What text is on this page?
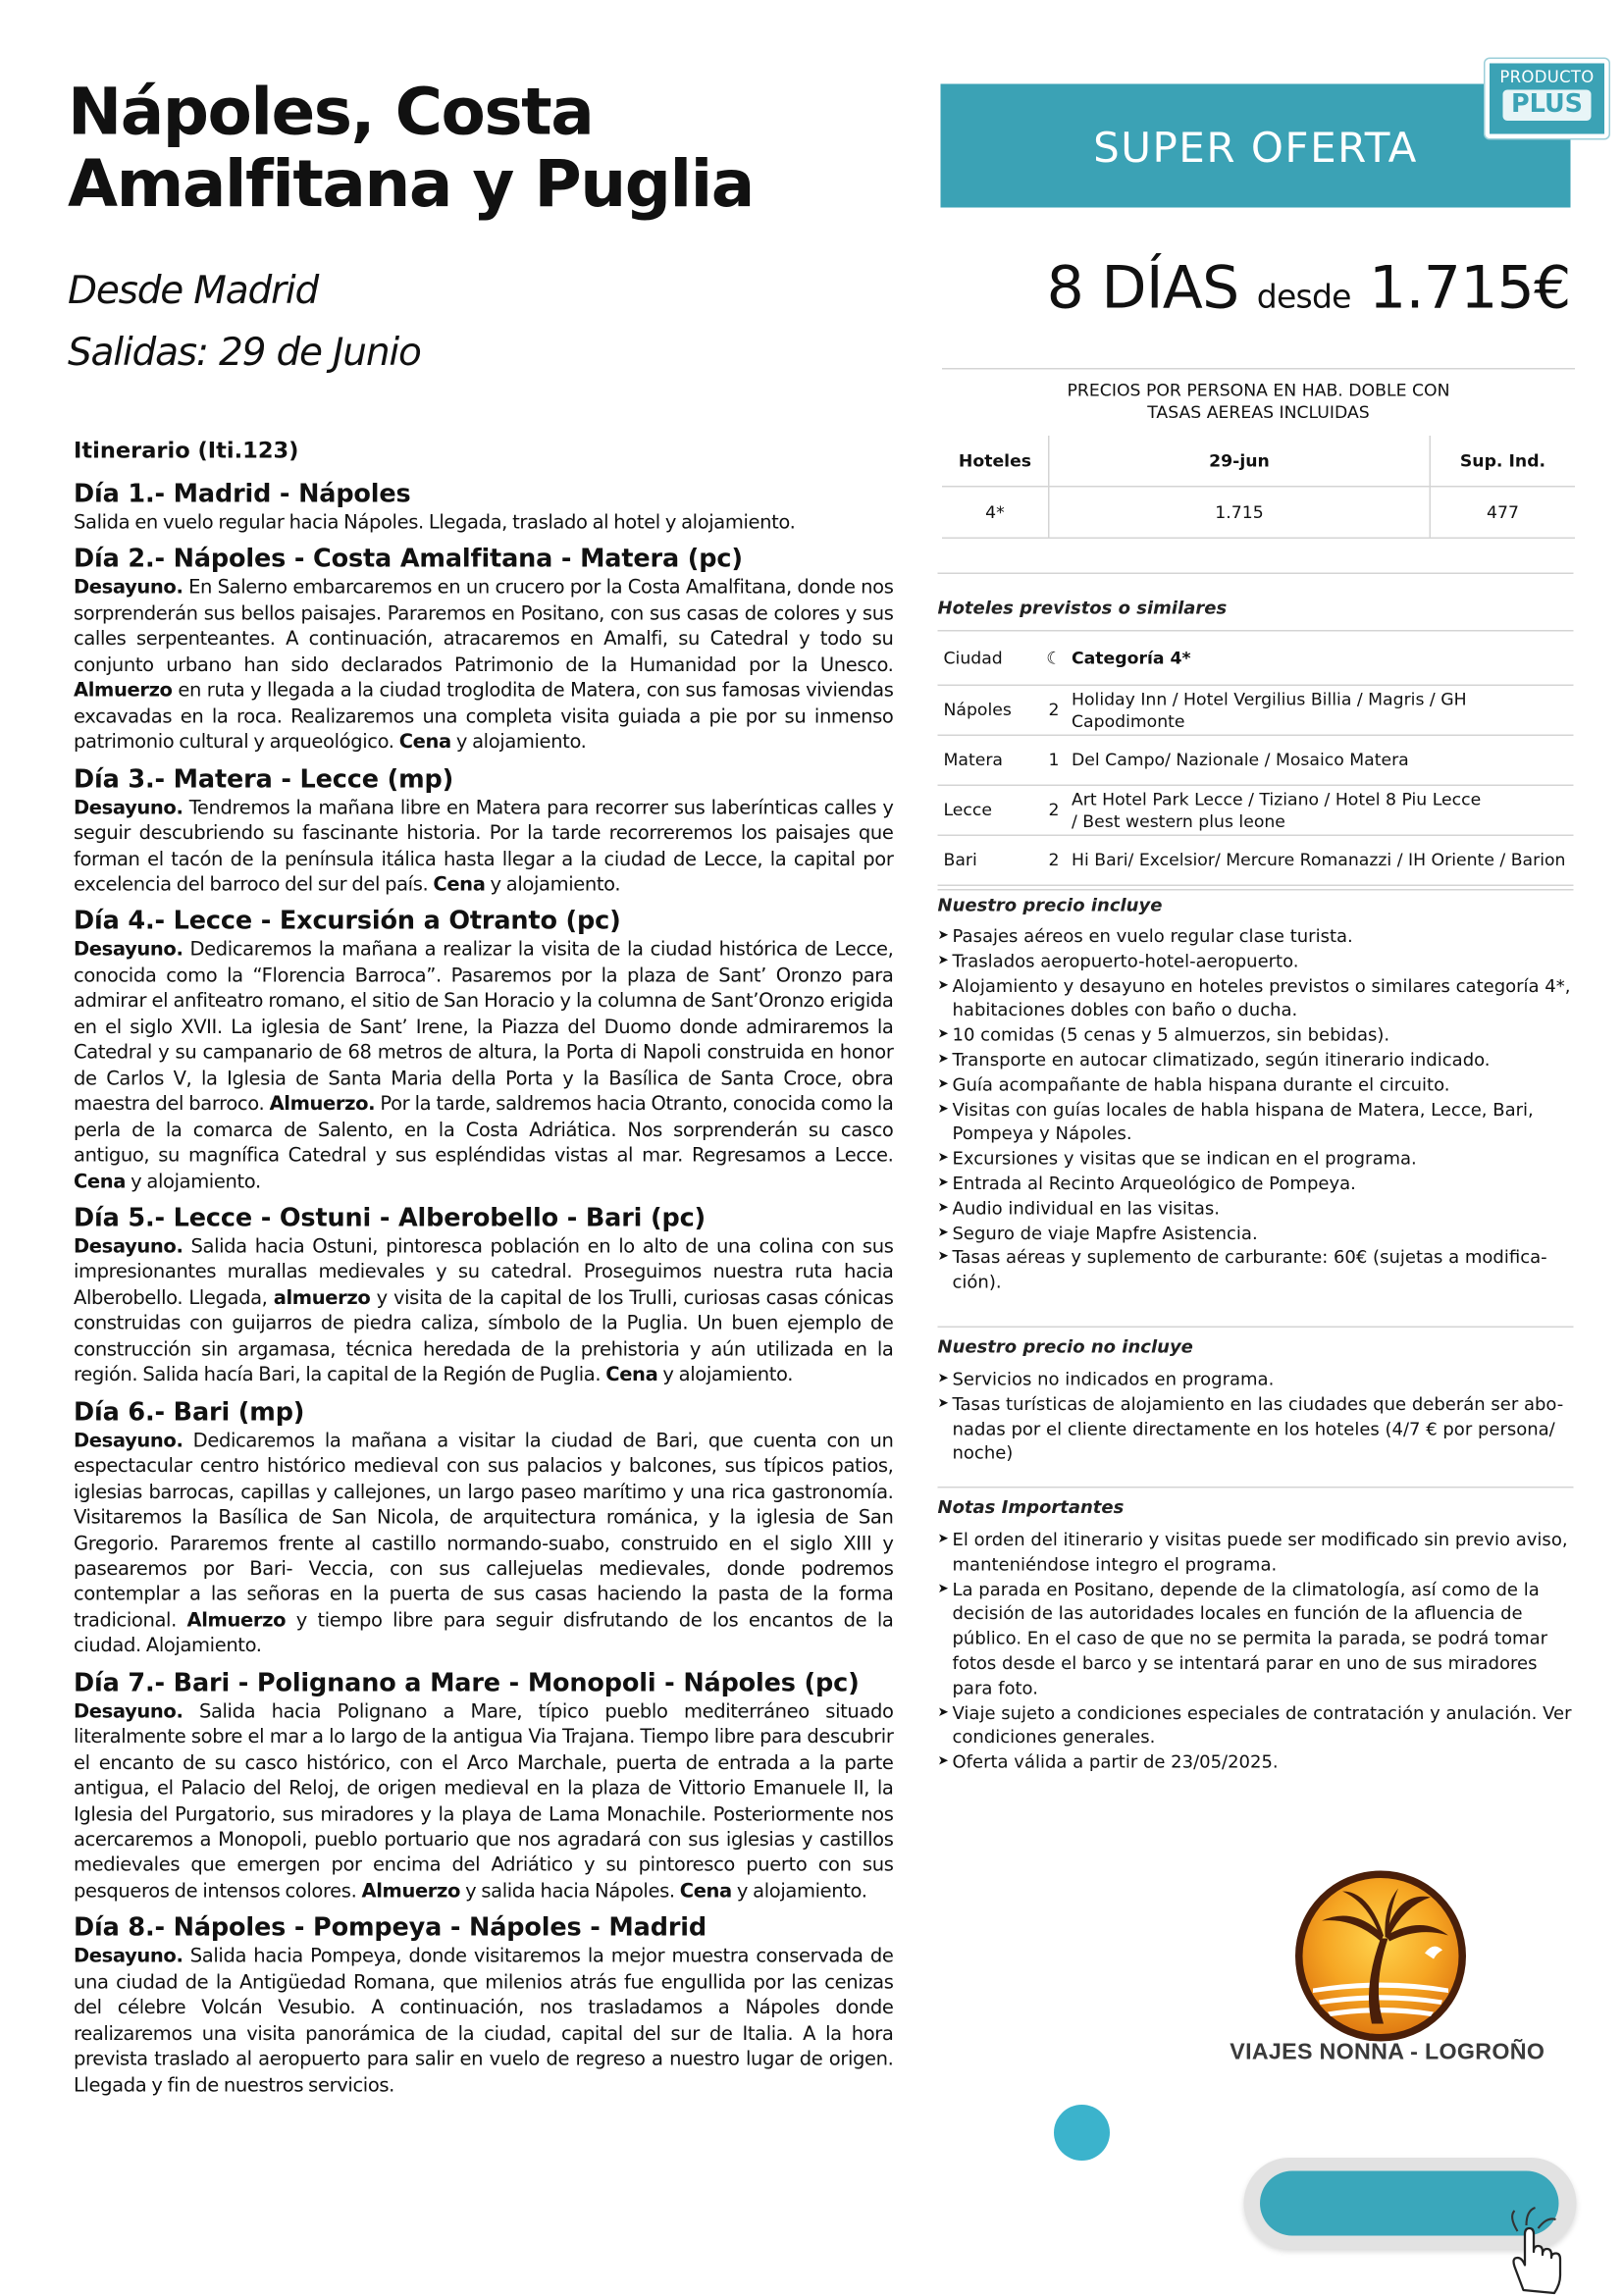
Nápoles, Costa
Amalfitana y Puglia
Desde Madrid
Salidas: 29 de Junio
Itinerario (Iti.123)
Día 1.- Madrid - Nápoles

Salida en vuelo regular hacia Nápoles. Llegada, traslado al hotel y alojamiento.

Día 2.- Nápoles - Costa Amalfitana - Matera (pc)

Desayuno. En Salerno embarcaremos en un crucero por la Costa Amalfitana, donde nos sorprenderán sus bellos paisajes. Pararemos en Positano, con sus casas de colores y sus calles serpenteantes. A continuación, atracaremos en Amalfi, su Catedral y todo su conjunto urbano han sido declarados Patrimonio de la Humanidad por la Unesco. Almuerzo en ruta y llegada a la ciudad troglodita de Matera, con sus famosas viviendas excavadas en la roca. Realizaremos una completa visita guiada a pie por su inmenso patrimonio cultural y arqueológico. Cena y alojamiento.

Día 3.- Matera - Lecce (mp)

Desayuno. Tendremos la mañana libre en Matera para recorrer sus laberínticas calles y seguir descubriendo su fascinante historia. Por la tarde recorreremos los paisajes que forman el tacón de la península itálica hasta llegar a la ciudad de Lecce, la capital por excelencia del barroco del sur del país. Cena y alojamiento.

Día 4.- Lecce - Excursión a Otranto (pc)

Desayuno. Dedicaremos la mañana a realizar la visita de la ciudad histórica de Lecce, conocida como la “Florencia Barroca”. Pasaremos por la plaza de Sant’ Oronzo para admirar el anfiteatro romano, el sitio de San Horacio y la columna de Sant’Oronzo erigida en el siglo XVII. La iglesia de Sant’ Irene, la Piazza del Duomo donde admiraremos la Catedral y su campanario de 68 metros de altura, la Porta di Napoli construida en honor de Carlos V, la Iglesia de Santa Maria della Porta y la Basílica de Santa Croce, obra maestra del barroco. Almuerzo. Por la tarde, saldremos hacia Otranto, conocida como la perla de la comarca de Salento, en la Costa Adriática. Nos sorprenderán su casco antiguo, su magnífica Catedral y sus espléndidas vistas al mar. Regresamos a Lecce. Cena y alojamiento.

Día 5.- Lecce - Ostuni - Alberobello - Bari (pc)

Desayuno. Salida hacia Ostuni, pintoresca población en lo alto de una colina con sus impresionantes murallas medievales y su catedral. Proseguimos nuestra ruta hacia Alberobello. Llegada, almuerzo y visita de la capital de los Trulli, curiosas casas cónicas construidas con guijarros de piedra caliza, símbolo de la Puglia. Un buen ejemplo de construcción sin argamasa, técnica heredada de la prehistoria y aún utilizada en la región. Salida hacía Bari, la capital de la Región de Puglia. Cena y alojamiento.

Día 6.- Bari (mp)

Desayuno. Dedicaremos la mañana a visitar la ciudad de Bari, que cuenta con un espectacular centro histórico medieval con sus palacios y balcones, sus típicos patios, iglesias barrocas, capillas y callejones, un largo paseo marítimo y una rica gastronomía. Visitaremos la Basílica de San Nicola, de arquitectura románica, y la iglesia de San Gregorio. Pararemos frente al castillo normando-suabo, construido en el siglo XIII y pasearemos por Bari- Veccia, con sus callejuelas medievales, donde podremos contemplar a las señoras en la puerta de sus casas haciendo la pasta de la forma tradicional. Almuerzo y tiempo libre para seguir disfrutando de los encantos de la ciudad. Alojamiento.

Día 7.- Bari - Polignano a Mare - Monopoli - Nápoles (pc)

Desayuno. Salida hacia Polignano a Mare, típico pueblo mediterráneo situado literalmente sobre el mar a lo largo de la antigua Via Trajana. Tiempo libre para descubrir el encanto de su casco histórico, con el Arco Marchale, puerta de entrada a la parte antigua, el Palacio del Reloj, de origen medieval en la plaza de Vittorio Emanuele II, la Iglesia del Purgatorio, sus miradores y la playa de Lama Monachile. Posteriormente nos acercaremos a Monopoli, pueblo portuario que nos agradará con sus iglesias y castillos medievales que emergen por encima del Adriático y su pintoresco puerto con sus pesqueros de intensos colores. Almuerzo y salida hacia Nápoles. Cena y alojamiento.

Día 8.- Nápoles - Pompeya - Nápoles - Madrid

Desayuno. Salida hacia Pompeya, donde visitaremos la mejor muestra conservada de una ciudad de la Antigüedad Romana, que milenios atrás fue engullida por las cenizas del célebre Volcán Vesubio. A continuación, nos trasladamos a Nápoles donde realizaremos una visita panorámica de la ciudad, capital del sur de Italia. A la hora prevista traslado al aeropuerto para salir en vuelo de regreso a nuestro lugar de origen. Llegada y fin de nuestros servicios.

SUPER OFERTA
PRODUCTO
PLUS
8 DÍAS desde 1.715€
PRECIOS POR PERSONA EN HAB. DOBLE CON
TASAS AEREAS INCLUIDAS
Hoteles	29-jun	Sup. Ind.
4*	1.715	477
Hoteles previstos o similares
Ciudad	☾	Categoría 4*
Nápoles	2	Holiday Inn / Hotel Vergilius Billia / Magris / GH Capodimonte
Matera	1	Del Campo/ Nazionale / Mosaico Matera
Lecce	2	Art Hotel Park Lecce / Tiziano / Hotel 8 Piu Lecce / Best western plus leone
Bari	2	Hi Bari/ Excelsior/ Mercure Romanazzi / IH Oriente / Barion
Nuestro precio incluye
➤ Pasajes aéreos en vuelo regular clase turista.
➤ Traslados aeropuerto-hotel-aeropuerto.
➤ Alojamiento y desayuno en hoteles previstos o similares categoría 4*, habitaciones dobles con baño o ducha.
➤ 10 comidas (5 cenas y 5 almuerzos, sin bebidas).
➤ Transporte en autocar climatizado, según itinerario indicado.
➤ Guía acompañante de habla hispana durante el circuito.
➤ Visitas con guías locales de habla hispana de Matera, Lecce, Bari, Pompeya y Nápoles.
➤ Excursiones y visitas que se indican en el programa.
➤ Entrada al Recinto Arqueológico de Pompeya.
➤ Audio individual en las visitas.
➤ Seguro de viaje Mapfre Asistencia.
➤ Tasas aéreas y suplemento de carburante: 60€ (sujetas a modifica-ción).
Nuestro precio no incluye
➤ Servicios no indicados en programa.
➤ Tasas turísticas de alojamiento en las ciudades que deberán ser abo-nadas por el cliente directamente en los hoteles (4/7 € por persona/ noche)
Notas Importantes
➤ El orden del itinerario y visitas puede ser modificado sin previo aviso, manteniéndose integro el programa.
➤ La parada en Positano, depende de la climatología, así como de la decisión de las autoridades locales en función de la afluencia de público. En el caso de que no se permita la parada, se podrá tomar fotos desde el barco y se intentará parar en uno de sus miradores para foto.
➤ Viaje sujeto a condiciones especiales de contratación y anulación. Ver condiciones generales.
➤ Oferta válida a partir de 23/05/2025.
VIAJES NONNA - LOGROÑO
